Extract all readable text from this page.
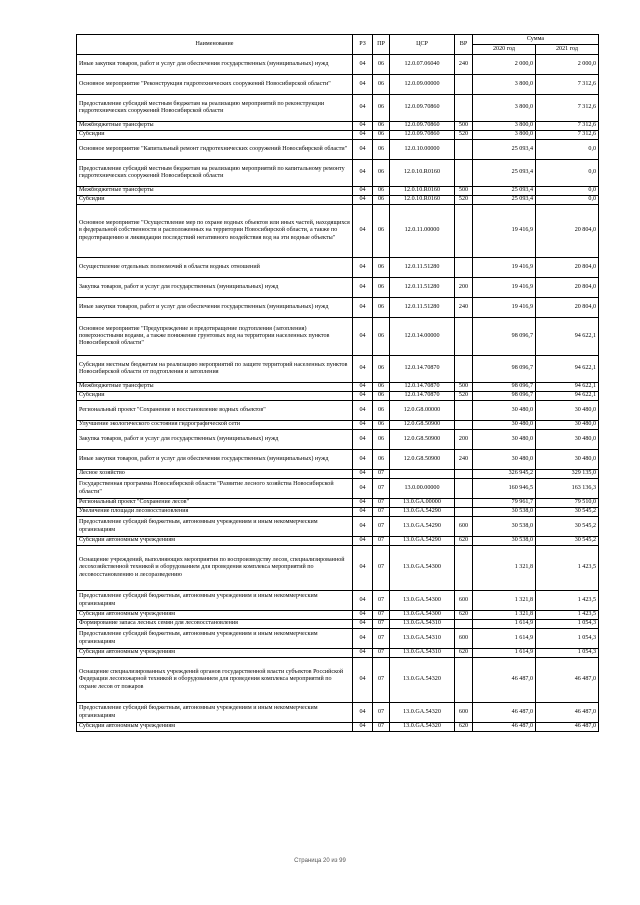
Наименование	РЗ	ПР	ЦСР	ВР	Сумма	
					2020 год	2021 год
Иные закупки товаров, работ и услуг для обеспечения государственных (муниципальных) нужд	04	06	12.0.07.06040	240	2 000,0	2 000,0
Основное мероприятие "Реконструкция гидротехнических сооружений Новосибирской области"	04	06	12.0.09.00000		3 800,0	7 312,6
Предоставление субсидий местным бюджетам на реализацию мероприятий по реконструкции гидротехнических сооружений Новосибирской области	04	06	12.0.09.70860		3 800,0	7 312,6
Межбюджетные трансферты	04	06	12.0.09.70860	500	3 800,0	7 312,6
Субсидии	04	06	12.0.09.70860	520	3 800,0	7 312,6
Основное мероприятие "Капитальный ремонт гидротехнических сооружений Новосибирской области"	04	06	12.0.10.00000		25 093,4	0,0
Предоставление субсидий местным бюджетам на реализацию мероприятий по капитальному ремонту гидротехнических сооружений Новосибирской области	04	06	12.0.10.R0160		25 093,4	0,0
Межбюджетные трансферты	04	06	12.0.10.R0160	500	25 093,4	0,0
Субсидии	04	06	12.0.10.R0160	520	25 093,4	0,0
Основное мероприятие "Осуществление мер по охране водных объектов или иных частей, находящихся в федеральной собственности и расположенных на территории Новосибирской области, а также по предотвращению и ликвидации последствий негативного воздействия вод на эти водные объекты"	04	06	12.0.11.00000		19 416,9	20 804,0
Осуществление отдельных полномочий в области водных отношений	04	06	12.0.11.51280		19 416,9	20 804,0
Закупка товаров, работ и услуг для государственных (муниципальных) нужд	04	06	12.0.11.51280	200	19 416,9	20 804,0
Иные закупки товаров, работ и услуг для обеспечения государственных (муниципальных) нужд	04	06	12.0.11.51280	240	19 416,9	20 804,0
Основное мероприятие "Предупреждение и предотвращение подтопления (затопления) поверхностными водами, а также понижение грунтовых вод на территории населенных пунктов Новосибирской области"	04	06	12.0.14.00000		98 096,7	94 622,1
Субсидии местным бюджетам на реализацию мероприятий по защите территорий населенных пунктов Новосибирской области от подтопления и затопления	04	06	12.0.14.70870		98 096,7	94 622,1
Межбюджетные трансферты	04	06	12.0.14.70870	500	98 096,7	94 622,1
Субсидии	04	06	12.0.14.70870	520	98 096,7	94 622,1
Региональный проект "Сохранение и восстановление водных объектов"	04	06	12.0.G8.00000		30 480,0	30 480,0
Улучшение экологического состояния гидрографической сети	04	06	12.0.G8.50900		30 480,0	30 480,0
Закупка товаров, работ и услуг для государственных (муниципальных) нужд	04	06	12.0.G8.50900	200	30 480,0	30 480,0
Иные закупки товаров, работ и услуг для обеспечения государственных (муниципальных) нужд	04	06	12.0.G8.50900	240	30 480,0	30 480,0
Лесное хозяйство	04	07			326 945,2	329 135,0
Государственная программа Новосибирской области "Развитие лесного хозяйства Новосибирской области"	04	07	13.0.00.00000		160 946,5	163 136,3
Региональный проект "Сохранение лесов"	04	07	13.0.GA.00000		79 961,7	79 510,0
Увеличение площади лесовосстановления	04	07	13.0.GA.54290		30 538,0	30 545,2
Предоставление субсидий бюджетным, автономным учреждениям и иным некоммерческим организациям	04	07	13.0.GA.54290	600	30 538,0	30 545,2
Субсидии автономным учреждениям	04	07	13.0.GA.54290	620	30 538,0	30 545,2
Оснащение учреждений, выполняющих мероприятия по воспроизводству лесов, специализированной лесохозяйственной техникой и оборудованием для проведения комплекса мероприятий по лесовосстановлению и лесоразведению	04	07	13.0.GA.54300		1 321,8	1 423,5
Предоставление субсидий бюджетным, автономным учреждениям и иным некоммерческим организациям	04	07	13.0.GA.54300	600	1 321,8	1 423,5
Субсидии автономным учреждениям	04	07	13.0.GA.54300	620	1 321,8	1 423,5
Формирование запаса лесных семян для лесовосстановления	04	07	13.0.GA.54310		1 614,9	1 054,3
Предоставление субсидий бюджетным, автономным учреждениям и иным некоммерческим организациям	04	07	13.0.GA.54310	600	1 614,9	1 054,3
Субсидии автономным учреждениям	04	07	13.0.GA.54310	620	1 614,9	1 054,3
Оснащение специализированных учреждений органов государственной власти субъектов Российской Федерации лесопожарной техникой и оборудованием для проведения комплекса мероприятий по охране лесов от пожаров	04	07	13.0.GA.54320		46 487,0	46 487,0
Предоставление субсидий бюджетным, автономным учреждениям и иным некоммерческим организациям	04	07	13.0.GA.54320	600	46 487,0	46 487,0
Субсидии автономным учреждениям	04	07	13.0.GA.54320	620	46 487,0	46 487,0
Страница 20 из 99
